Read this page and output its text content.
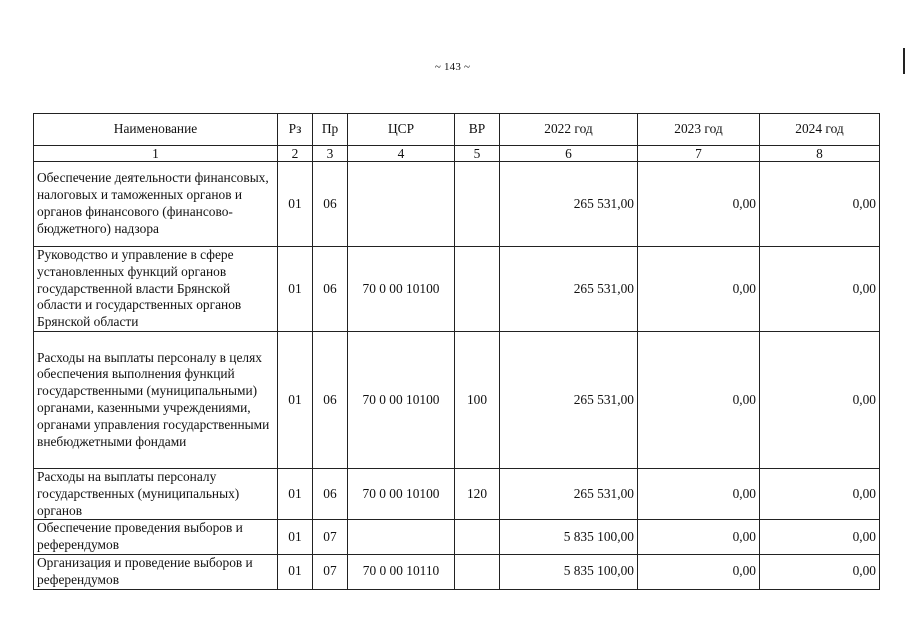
~ 143 ~
Наименование	Рз	Пр	ЦСР	ВР	2022 год	2023 год	2024 год
1	2	3	4	5	6	7	8
Обеспечение деятельности финансовых, налоговых и таможенных органов и органов финансового (финансово-бюджетного) надзора	01	06			265 531,00	0,00	0,00
Руководство и управление в сфере установленных функций органов государственной власти Брянской области и государственных органов Брянской области	01	06	70 0 00 10100		265 531,00	0,00	0,00
Расходы на выплаты персоналу в целях обеспечения выполнения функций государственными (муниципальными) органами, казенными учреждениями, органами управления государственными внебюджетными фондами	01	06	70 0 00 10100	100	265 531,00	0,00	0,00
Расходы на выплаты персоналу государственных (муниципальных) органов	01	06	70 0 00 10100	120	265 531,00	0,00	0,00
Обеспечение проведения выборов и референдумов	01	07			5 835 100,00	0,00	0,00
Организация и проведение выборов и референдумов	01	07	70 0 00 10110		5 835 100,00	0,00	0,00
